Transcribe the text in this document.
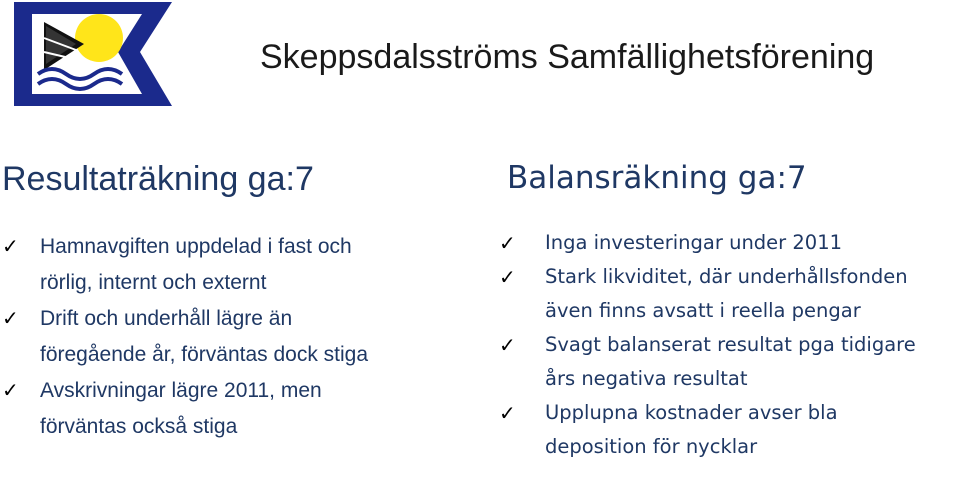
Skeppsdalsströms Samfällighetsförening
Resultaträkning ga:7
✓ Hamnavgiften uppdelad i fast och
rörlig, internt och externt
✓ Drift och underhåll lägre än
föregående år, förväntas dock stiga
✓ Avskrivningar lägre 2011, men
förväntas också stiga
Balansräkning ga:7
✓ Inga investeringar under 2011
✓ Stark likviditet, där underhållsfonden
även finns avsatt i reella pengar
✓ Svagt balanserat resultat pga tidigare
års negativa resultat
✓ Upplupna kostnader avser bla
deposition för nycklar
